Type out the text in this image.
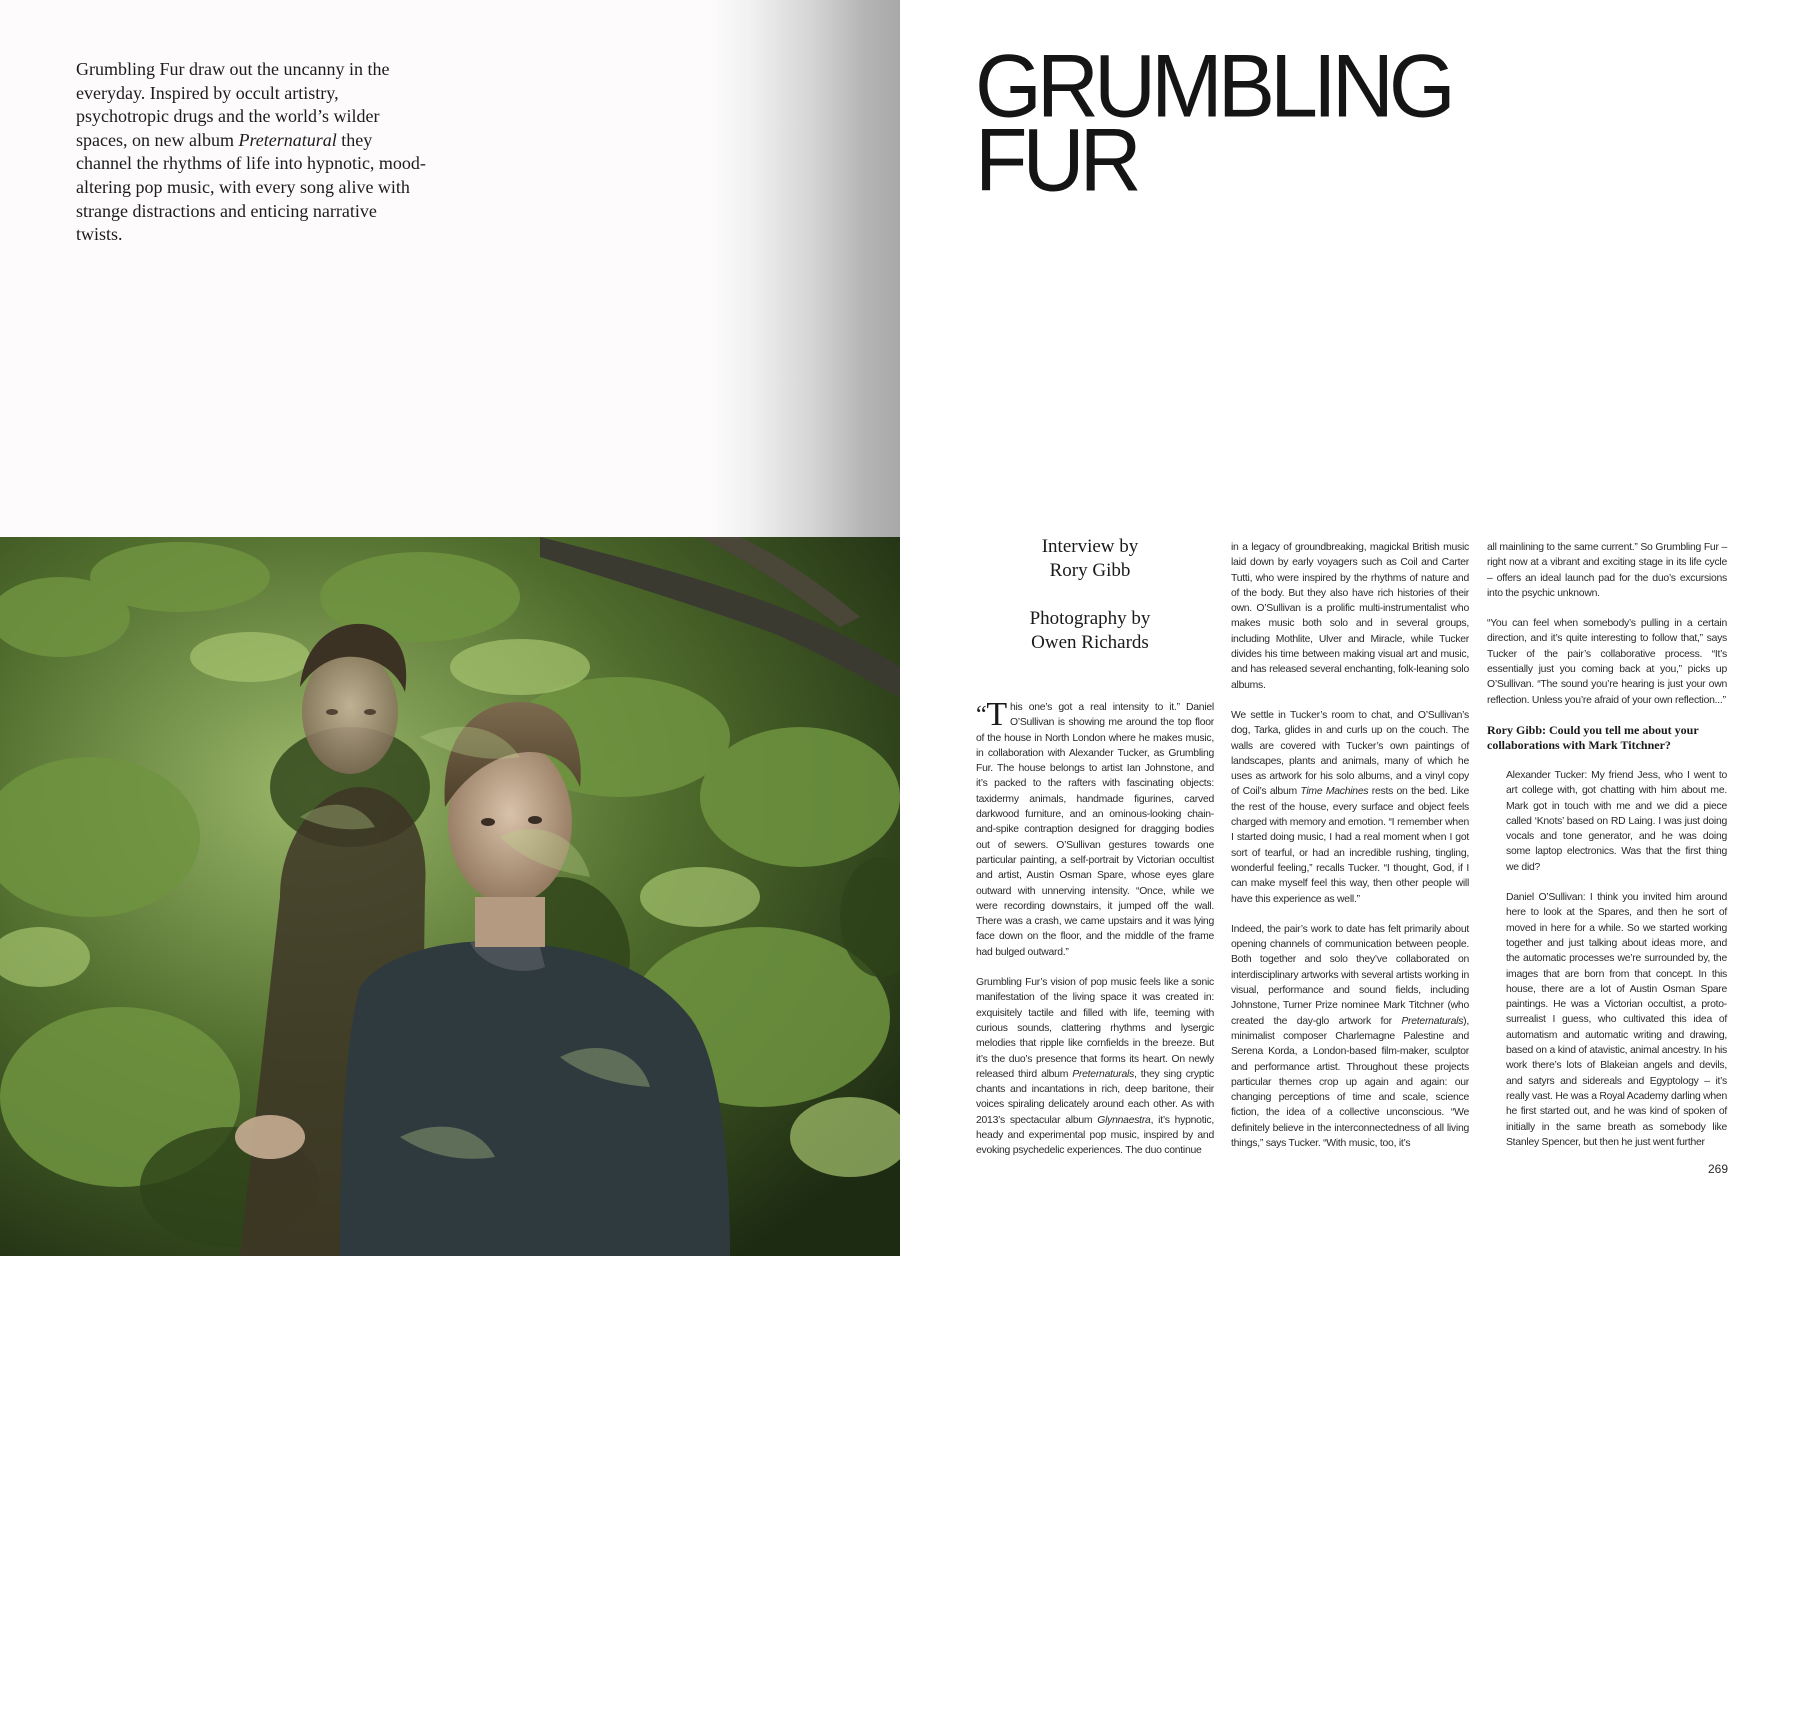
Grumbling Fur draw out the uncanny in the everyday. Inspired by occult artistry, psychotropic drugs and the world’s wilder spaces, on new album Preternatural they channel the rhythms of life into hypnotic, mood-altering pop music, with every song alive with strange distractions and enticing narrative twists.

268
GRUMBLING
FUR

Interview by
Rory Gibb

Photography by
Owen Richards

“T his one’s got a real intensity to it.” Daniel O’Sullivan is showing me around the top floor of the house in North London where he makes music, in collaboration with Alexander Tucker, as Grumbling Fur. The house belongs to artist Ian Johnstone, and it’s packed to the rafters with fascinating objects: taxidermy animals, handmade figurines, carved darkwood furniture, and an ominous-looking chain-and-spike contraption designed for dragging bodies out of sewers. O’Sullivan gestures towards one particular painting, a self-portrait by Victorian occultist and artist, Austin Osman Spare, whose eyes glare outward with unnerving intensity. “Once, while we were recording downstairs, it jumped off the wall. There was a crash, we came upstairs and it was lying face down on the floor, and the middle of the frame had bulged outward.”

Grumbling Fur’s vision of pop music feels like a sonic manifestation of the living space it was created in: exquisitely tactile and filled with life, teeming with curious sounds, clattering rhythms and lysergic melodies that ripple like cornfields in the breeze. But it’s the duo’s presence that forms its heart. On newly released third album Preternaturals, they sing cryptic chants and incantations in rich, deep baritone, their voices spiraling delicately around each other. As with 2013’s spectacular album Glynnaestra, it’s hypnotic, heady and experimental pop music, inspired by and evoking psychedelic experiences. The duo continue

in a legacy of groundbreaking, magickal British music laid down by early voyagers such as Coil and Carter Tutti, who were inspired by the rhythms of nature and of the body. But they also have rich histories of their own. O’Sullivan is a prolific multi-instrumentalist who makes music both solo and in several groups, including Mothlite, Ulver and Miracle, while Tucker divides his time between making visual art and music, and has released several enchanting, folk-leaning solo albums.

We settle in Tucker’s room to chat, and O’Sullivan’s dog, Tarka, glides in and curls up on the couch. The walls are covered with Tucker’s own paintings of landscapes, plants and animals, many of which he uses as artwork for his solo albums, and a vinyl copy of Coil’s album Time Machines rests on the bed. Like the rest of the house, every surface and object feels charged with memory and emotion. “I remember when I started doing music, I had a real moment when I got sort of tearful, or had an incredible rushing, tingling, wonderful feeling,” recalls Tucker. “I thought, God, if I can make myself feel this way, then other people will have this experience as well.”

Indeed, the pair’s work to date has felt primarily about opening channels of communication between people. Both together and solo they’ve collaborated on interdisciplinary artworks with several artists working in visual, performance and sound fields, including Johnstone, Turner Prize nominee Mark Titchner (who created the day-glo artwork for Preternaturals), minimalist composer Charlemagne Palestine and Serena Korda, a London-based film-maker, sculptor and performance artist. Throughout these projects particular themes crop up again and again: our changing perceptions of time and scale, science fiction, the idea of a collective unconscious. “We definitely believe in the interconnectedness of all living things,” says Tucker. “With music, too, it’s

all mainlining to the same current.” So Grumbling Fur – right now at a vibrant and exciting stage in its life cycle – offers an ideal launch pad for the duo’s excursions into the psychic unknown.

“You can feel when somebody’s pulling in a certain direction, and it’s quite interesting to follow that,” says Tucker of the pair’s collaborative process. “It’s essentially just you coming back at you,” picks up O’Sullivan. “The sound you’re hearing is just your own reflection. Unless you’re afraid of your own reflection...”

Rory Gibb: Could you tell me about your collaborations with Mark Titchner?

Alexander Tucker: My friend Jess, who I went to art college with, got chatting with him about me. Mark got in touch with me and we did a piece called ‘Knots’ based on RD Laing. I was just doing vocals and tone generator, and he was doing some laptop electronics. Was that the first thing we did?

Daniel O’Sullivan: I think you invited him around here to look at the Spares, and then he sort of moved in here for a while. So we started working together and just talking about ideas more, and the automatic processes we’re surrounded by, the images that are born from that concept. In this house, there are a lot of Austin Osman Spare paintings. He was a Victorian occultist, a proto-surrealist I guess, who cultivated this idea of automatism and automatic writing and drawing, based on a kind of atavistic, animal ancestry. In his work there’s lots of Blakeian angels and devils, and satyrs and sidereals and Egyptology – it’s really vast. He was a Royal Academy darling when he first started out, and he was kind of spoken of initially in the same breath as somebody like Stanley Spencer, but then he just went further

269
